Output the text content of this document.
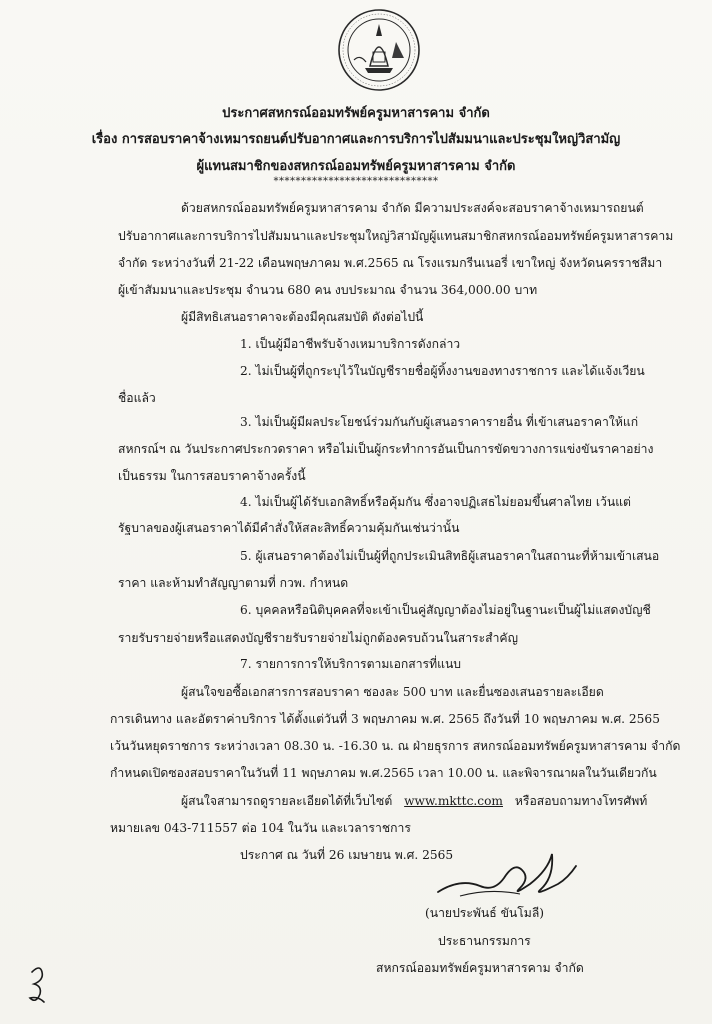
ประกาศสหกรณ์ออมทรัพย์ครูมหาสารคาม จำกัด
เรื่อง การสอบราคาจ้างเหมารถยนต์ปรับอากาศและการบริการไปสัมมนาและประชุมใหญ่วิสามัญ
ผู้แทนสมาชิกของสหกรณ์ออมทรัพย์ครูมหาสารคาม จำกัด
******************************
ด้วยสหกรณ์ออมทรัพย์ครูมหาสารคาม จำกัด มีความประสงค์จะสอบราคาจ้างเหมารถยนต์
ปรับอากาศและการบริการไปสัมมนาและประชุมใหญ่วิสามัญผู้แทนสมาชิกสหกรณ์ออมทรัพย์ครูมหาสารคาม
จำกัด ระหว่างวันที่ 21-22 เดือนพฤษภาคม พ.ศ.2565 ณ โรงแรมกรีนเนอรี่ เขาใหญ่ จังหวัดนครราชสีมา
ผู้เข้าสัมมนาและประชุม จำนวน 680 คน งบประมาณ จำนวน 364,000.00 บาท
ผู้มีสิทธิเสนอราคาจะต้องมีคุณสมบัติ ดังต่อไปนี้
1. เป็นผู้มีอาชีพรับจ้างเหมาบริการดังกล่าว
2. ไม่เป็นผู้ที่ถูกระบุไว้ในบัญชีรายชื่อผู้ทิ้งงานของทางราชการ และได้แจ้งเวียน
ชื่อแล้ว
3. ไม่เป็นผู้มีผลประโยชน์ร่วมกันกับผู้เสนอราคารายอื่น ที่เข้าเสนอราคาให้แก่
สหกรณ์ฯ ณ วันประกาศประกวดราคา หรือไม่เป็นผู้กระทำการอันเป็นการขัดขวางการแข่งขันราคาอย่าง
เป็นธรรม ในการสอบราคาจ้างครั้งนี้
4. ไม่เป็นผู้ได้รับเอกสิทธิ์หรือคุ้มกัน ซึ่งอาจปฏิเสธไม่ยอมขึ้นศาลไทย เว้นแต่
รัฐบาลของผู้เสนอราคาได้มีคำสั่งให้สละสิทธิ์ความคุ้มกันเช่นว่านั้น
5. ผู้เสนอราคาต้องไม่เป็นผู้ที่ถูกประเมินสิทธิผู้เสนอราคาในสถานะที่ห้ามเข้าเสนอ
ราคา และห้ามทำสัญญาตามที่ กวพ. กำหนด
6. บุคคลหรือนิติบุคคลที่จะเข้าเป็นคู่สัญญาต้องไม่อยู่ในฐานะเป็นผู้ไม่แสดงบัญชี
รายรับรายจ่ายหรือแสดงบัญชีรายรับรายจ่ายไม่ถูกต้องครบถ้วนในสาระสำคัญ
7. รายการการให้บริการตามเอกสารที่แนบ
ผู้สนใจขอซื้อเอกสารการสอบราคา ซองละ 500 บาท และยื่นซองเสนอรายละเอียด
การเดินทาง และอัตราค่าบริการ ได้ตั้งแต่วันที่ 3 พฤษภาคม พ.ศ. 2565 ถึงวันที่ 10 พฤษภาคม พ.ศ. 2565
เว้นวันหยุดราชการ ระหว่างเวลา 08.30 น. -16.30 น. ณ ฝ่ายธุรการ สหกรณ์ออมทรัพย์ครูมหาสารคาม จำกัด
กำหนดเปิดซองสอบราคาในวันที่ 11 พฤษภาคม พ.ศ.2565 เวลา 10.00 น. และพิจารณาผลในวันเดียวกัน
ผู้สนใจสามารถดูรายละเอียดได้ที่เว็บไซต์ www.mkttc.com หรือสอบถามทางโทรศัพท์
หมายเลข 043-711557 ต่อ 104 ในวัน และเวลาราชการ
ประกาศ ณ วันที่ 26 เมษายน พ.ศ. 2565
(นายประพันธ์ ขันโมลี)
ประธานกรรมการ
สหกรณ์ออมทรัพย์ครูมหาสารคาม จำกัด
